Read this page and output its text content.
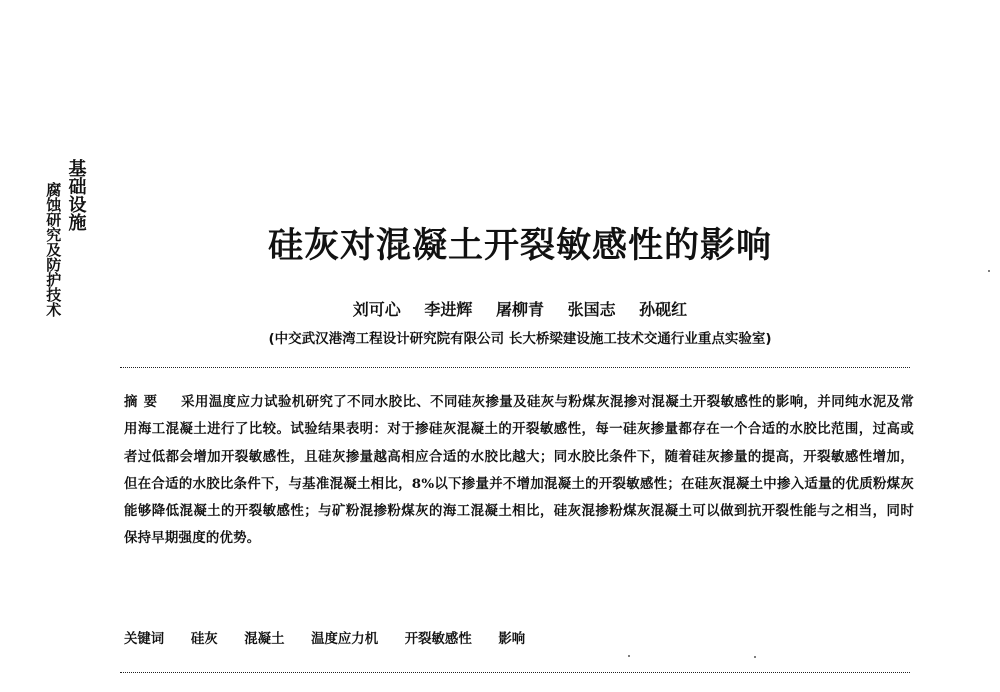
基础设施
腐蚀研究及防护技术	硅灰对混凝土开裂敏感性的影响
刘可心 李进辉 屠柳青 张国志 孙砚红
(中交武汉港湾工程设计研究院有限公司 长大桥梁建设施工技术交通行业重点实验室)
摘要 采用温度应力试验机研究了不同水胶比、不同硅灰掺量及硅灰与粉煤灰混掺对混凝土开裂敏感性的影响，并同纯水泥及常用海工混凝土进行了比较。试验结果表明：对于掺硅灰混凝土的开裂敏感性，每一硅灰掺量都存在一个合适的水胶比范围，过高或者过低都会增加开裂敏感性，且硅灰掺量越高相应合适的水胶比越大；同水胶比条件下，随着硅灰掺量的提高，开裂敏感性增加，但在合适的水胶比条件下，与基准混凝土相比，8%以下掺量并不增加混凝土的开裂敏感性；在硅灰混凝土中掺入适量的优质粉煤灰能够降低混凝土的开裂敏感性；与矿粉混掺粉煤灰的海工混凝土相比，硅灰混掺粉煤灰混凝土可以做到抗开裂性能与之相当，同时保持早期强度的优势。
关键词 硅灰 混凝土 温度应力机 开裂敏感性 影响
